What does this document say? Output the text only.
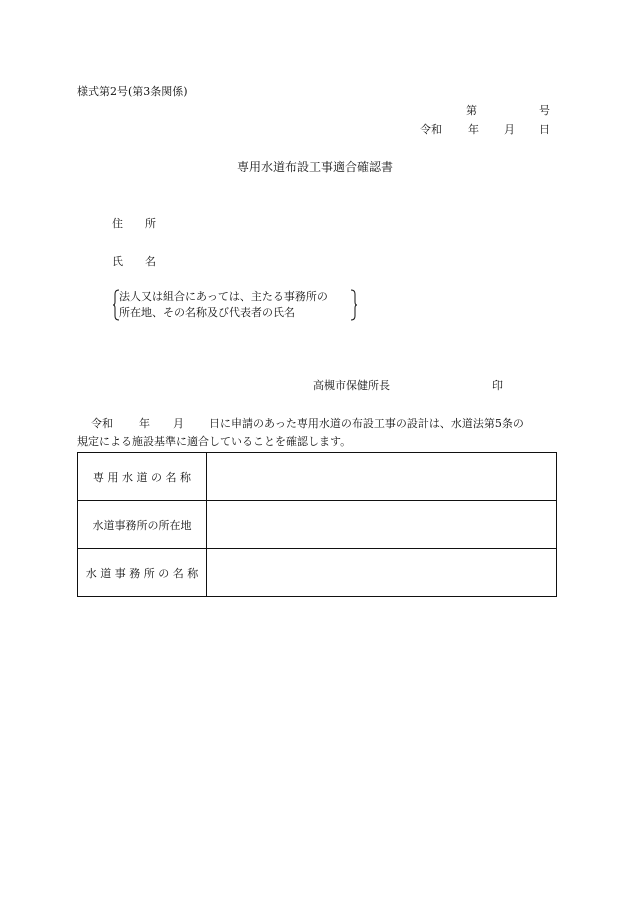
様式第2号(第3条関係)
第	号
令和 年 月 日
専用水道布設工事適合確認書
住　　所
氏　　名
法人又は組合にあっては、主たる事務所の
所在地、その名称及び代表者の氏名
高槻市保健所長	印
令和 年 月 日に申請のあった専用水道の布設工事の設計は、水道法第5条の
規定による施設基準に適合していることを確認します。
専 用 水 道 の 名 称	
水道事務所の所在地	
水 道 事 務 所 の 名 称	
